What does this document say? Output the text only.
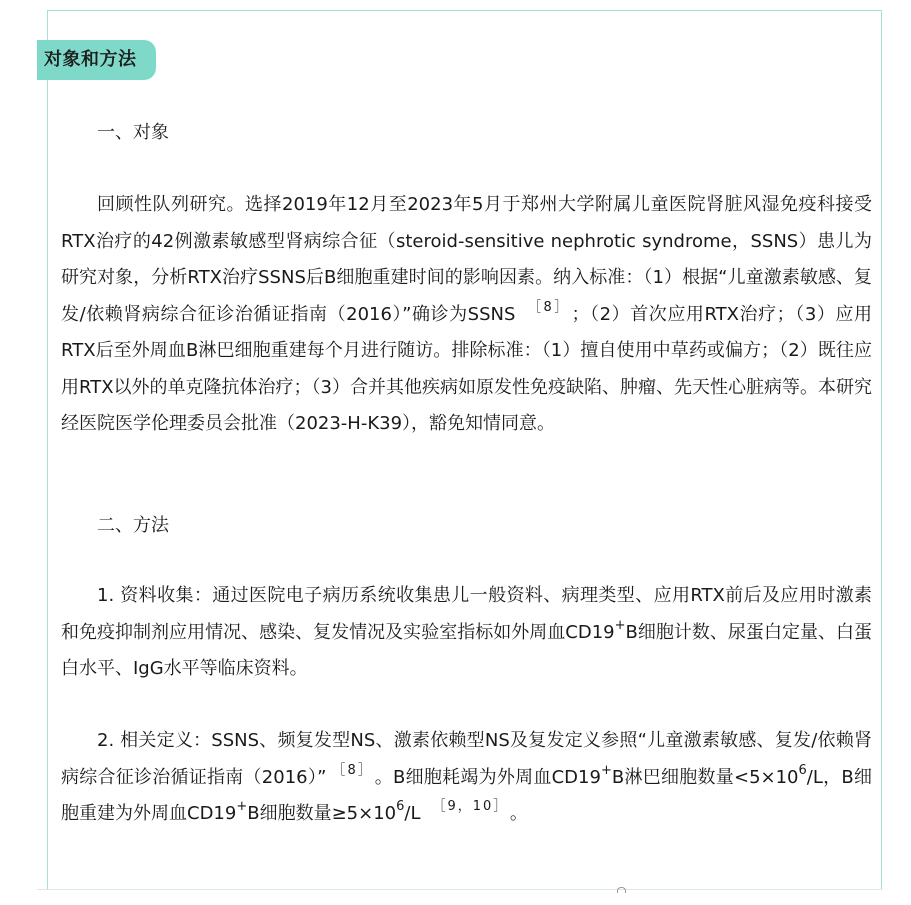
对象和方法
一、对象

回顾性队列研究。选择2019年12月至2023年5月于郑州大学附属儿童医院肾脏风湿免疫科接受RTX治疗的42例激素敏感型肾病综合征（steroid-sensitive nephrotic syndrome，SSNS）患儿为研究对象，分析RTX治疗SSNS后B细胞重建时间的影响因素。纳入标准：（1）根据“儿童激素敏感、复发/依赖肾病综合征诊治循证指南（2016）”确诊为SSNS $^{[8]}$ ；（2）首次应用RTX治疗；（3）应用RTX后至外周血B淋巴细胞重建每个月进行随访。排除标准：（1）擅自使用中草药或偏方；（2）既往应用RTX以外的单克隆抗体治疗；（3）合并其他疾病如原发性免疫缺陷、肿瘤、先天性心脏病等。本研究经医院医学伦理委员会批准（2023-H-K39），豁免知情同意。

二、方法

1. 资料收集：通过医院电子病历系统收集患儿一般资料、病理类型、应用RTX前后及应用时激素和免疫抑制剂应用情况、感染、复发情况及实验室指标如外周血CD19+B细胞计数、尿蛋白定量、白蛋白水平、IgG水平等临床资料。

2. 相关定义：SSNS、频复发型NS、激素依赖型NS及复发定义参照“儿童激素敏感、复发/依赖肾病综合征诊治循证指南（2016）” $^{[8]}$ 。B细胞耗竭为外周血CD19+B淋巴细胞数量$<5\times 10^6/L$，B细胞重建为外周血CD19+B细胞数量$\ge 5\times 10^6/L$ $^{[9,10]}$ 。
